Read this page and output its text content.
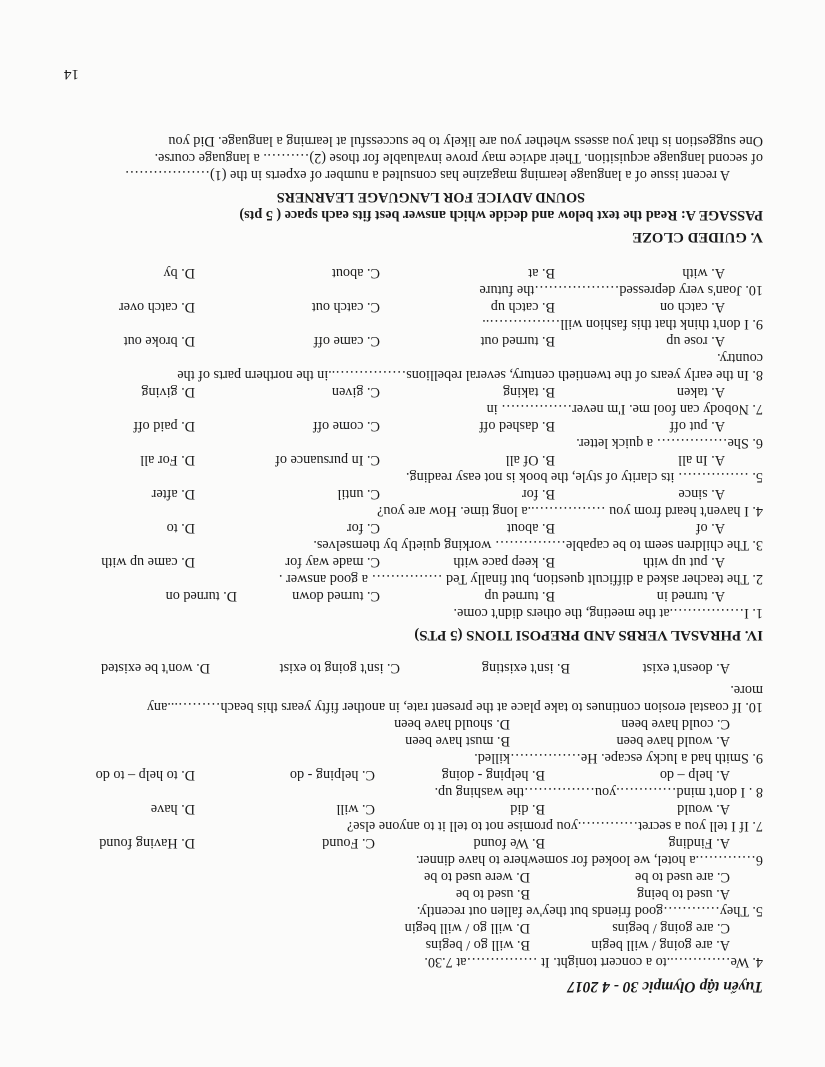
Tuyển tập Olympic 30 - 4 2017
4. We…………..to a concert tonight. It ……………at 7.30.
A. are going / will begin
B. will go / begins
C. are going / begins
D. will go / will begin
5. They…………good friends but they've fallen out recently.
A. used to being
B. used to be
C. are used to be
D. were used to be
6………….a hotel, we looked for somewhere to have dinner.
A. Finding
B. We found
C. Found
D. Having found
7. If I tell you a secret………….you promise not to tell it to anyone else?
A. would
B. did
C. will
D. have
8 . I don't mind………….you……………the washing up.
A. help – do
B. helping - doing
C. helping - do
D. to help – to do
9. Smith had a lucky escape. He……………killed.
A. would have been
B. must have been
C. could have been
D. should have been
10. If coastal erosion continues to take place at the present rate, in another fifty years this beach………...any
more.
A. doesn't exist
B. isn't existing
C. isn't going to exist
D. won't be existed
IV. PHRASAL VERBS AND PREPOSI TIONS (5 PTS)
1. I…………….at the meeting, the others didn't come.
A. turned in
B. turned up
C. turned down
D. turned on
2. The teacher asked a difficult question, but finally Ted …………… a good answer .
A. put up with
B. keep pace with
C. made way for
D. came up with
3. The children seem to be capable…………… working quietly by themselves.
A. of
B. about
C. for
D. to
4. I haven't heard from you ……………..a long time. How are you?
A. since
B. for
C. until
D. after
5. …………… its clarity of style, the book is not easy reading.
A. In all
B. Of all
C. In pursuance of
D. For all
6. She…………… a quick letter.
A. put off
B. dashed off
C. come off
D. paid off
7. Nobody can fool me. I'm never…………… in
A. taken
B. taking
C. given
D. giving
8. In the early years of the twentieth century, several rebellions……………..in the northern parts of the
country.
A. rose up
B. turned out
C. came off
D. broke out
9. I don't think that this fashion will……………..
A. catch on
B. catch up
C. catch out
D. catch over
10. Joan's very depressed………………the future
A. with
B. at
C. about
D. by
V. GUIDED CLOZE
PASSAGE A: Read the text below and decide which answer best fits each space ( 5 pts)
SOUND ADVICE FOR LANGUAGE LEARNERS
A recent issue of a language learning magazine has consulted a number of experts in the (1)………………
of second language acquisition. Their advice may prove invaluable for those (2)………. a language course.
One suggestion is that you assess whether you are likely to be successful at learning a language. Did you
14
